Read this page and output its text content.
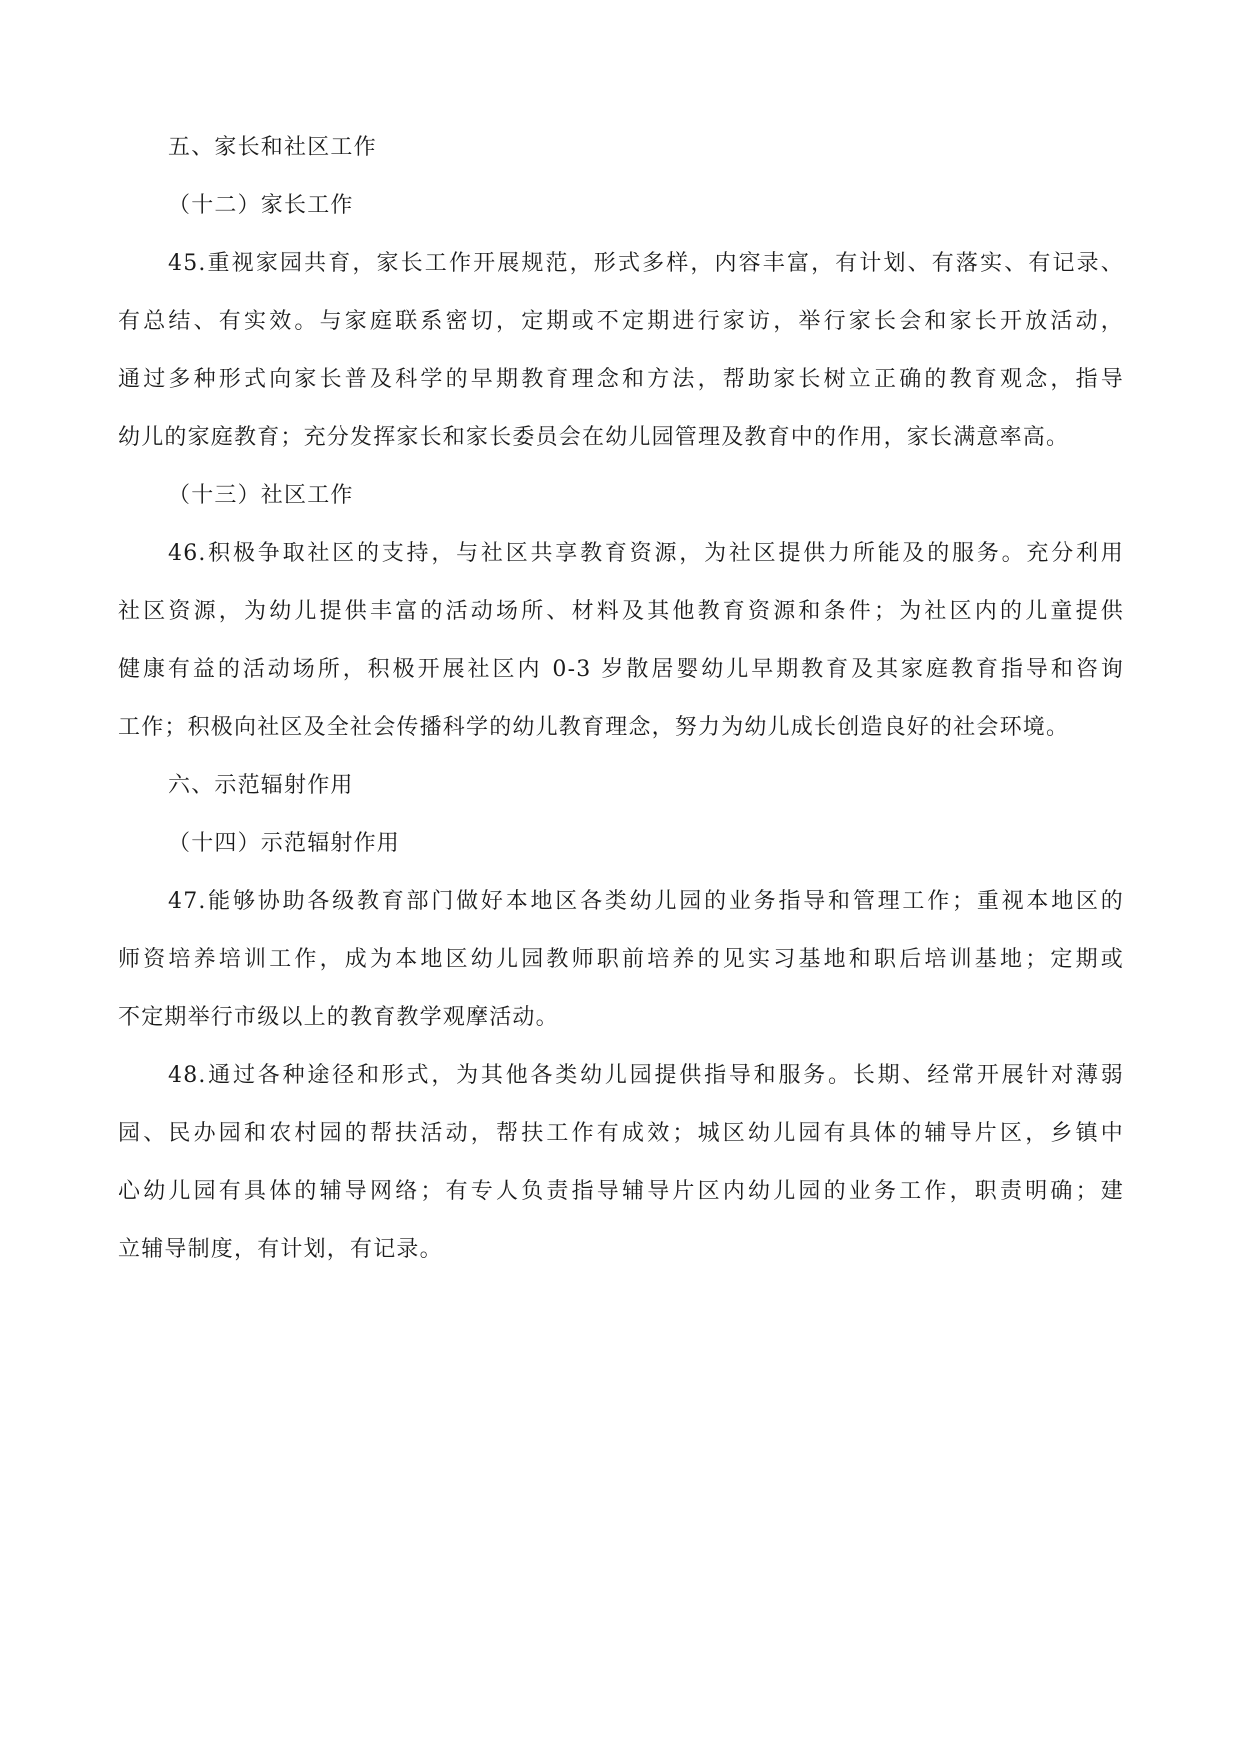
五、家长和社区工作
（十二）家长工作
45.重视家园共育，家长工作开展规范，形式多样，内容丰富，有计划、有落实、有记录、
有总结、有实效。与家庭联系密切，定期或不定期进行家访，举行家长会和家长开放活动，
通过多种形式向家长普及科学的早期教育理念和方法，帮助家长树立正确的教育观念，指导
幼儿的家庭教育；充分发挥家长和家长委员会在幼儿园管理及教育中的作用，家长满意率高。
（十三）社区工作
46.积极争取社区的支持，与社区共享教育资源，为社区提供力所能及的服务。充分利用
社区资源，为幼儿提供丰富的活动场所、材料及其他教育资源和条件；为社区内的儿童提供
健康有益的活动场所，积极开展社区内 0-3 岁散居婴幼儿早期教育及其家庭教育指导和咨询
工作；积极向社区及全社会传播科学的幼儿教育理念，努力为幼儿成长创造良好的社会环境。
六、示范辐射作用
（十四）示范辐射作用
47.能够协助各级教育部门做好本地区各类幼儿园的业务指导和管理工作；重视本地区的
师资培养培训工作，成为本地区幼儿园教师职前培养的见实习基地和职后培训基地；定期或
不定期举行市级以上的教育教学观摩活动。
48.通过各种途径和形式，为其他各类幼儿园提供指导和服务。长期、经常开展针对薄弱
园、民办园和农村园的帮扶活动，帮扶工作有成效；城区幼儿园有具体的辅导片区，乡镇中
心幼儿园有具体的辅导网络；有专人负责指导辅导片区内幼儿园的业务工作，职责明确；建
立辅导制度，有计划，有记录。
